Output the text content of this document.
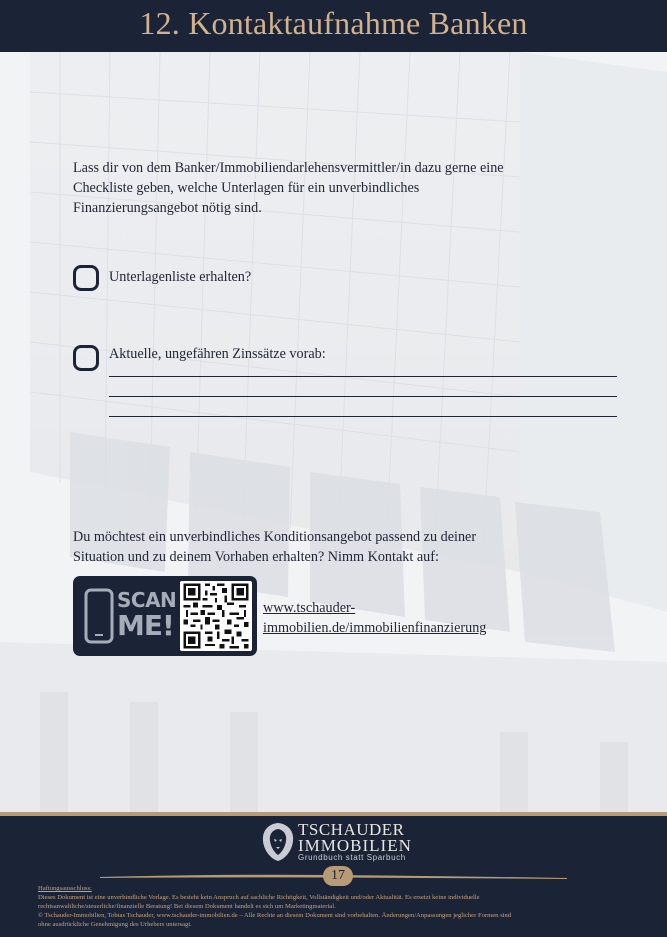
12. Kontaktaufnahme Banken
Lass dir von dem Banker/Immobiliendarlehensvermittler/in dazu gerne eine
Checkliste geben, welche Unterlagen für ein unverbindliches
Finanzierungsangebot nötig sind.
Unterlagenliste erhalten?
Aktuelle, ungefähren Zinssätze vorab:
Du möchtest ein unverbindliches Konditionsangebot passend zu deiner
Situation und zu deinem Vorhaben erhalten? Nimm Kontakt auf:
SCAN
ME!
www.tschauder-
immobilien.de/immobilienfinanzierung
TSCHAUDER
IMMOBILIEN
Grundbuch statt Sparbuch
17
Haftungsausschluss:
Dieses Dokument ist eine unverbindliche Vorlage. Es besteht kein Anspruch auf sachliche Richtigkeit, Vollständigkeit und/oder Aktualität. Es ersetzt keine individuelle
rechtsanwaltliche/steuerliche/finanzielle Beratung! Bei diesem Dokument handelt es sich um Marketingmaterial.
© Tschauder-Immobilien, Tobias Tschauder, www.tschauder-immobilien.de – Alle Rechte an diesem Dokument sind vorbehalten. Änderungen/Anpassungen jeglicher Formen sind
ohne ausdrückliche Genehmigung des Urhebers untersagt.
